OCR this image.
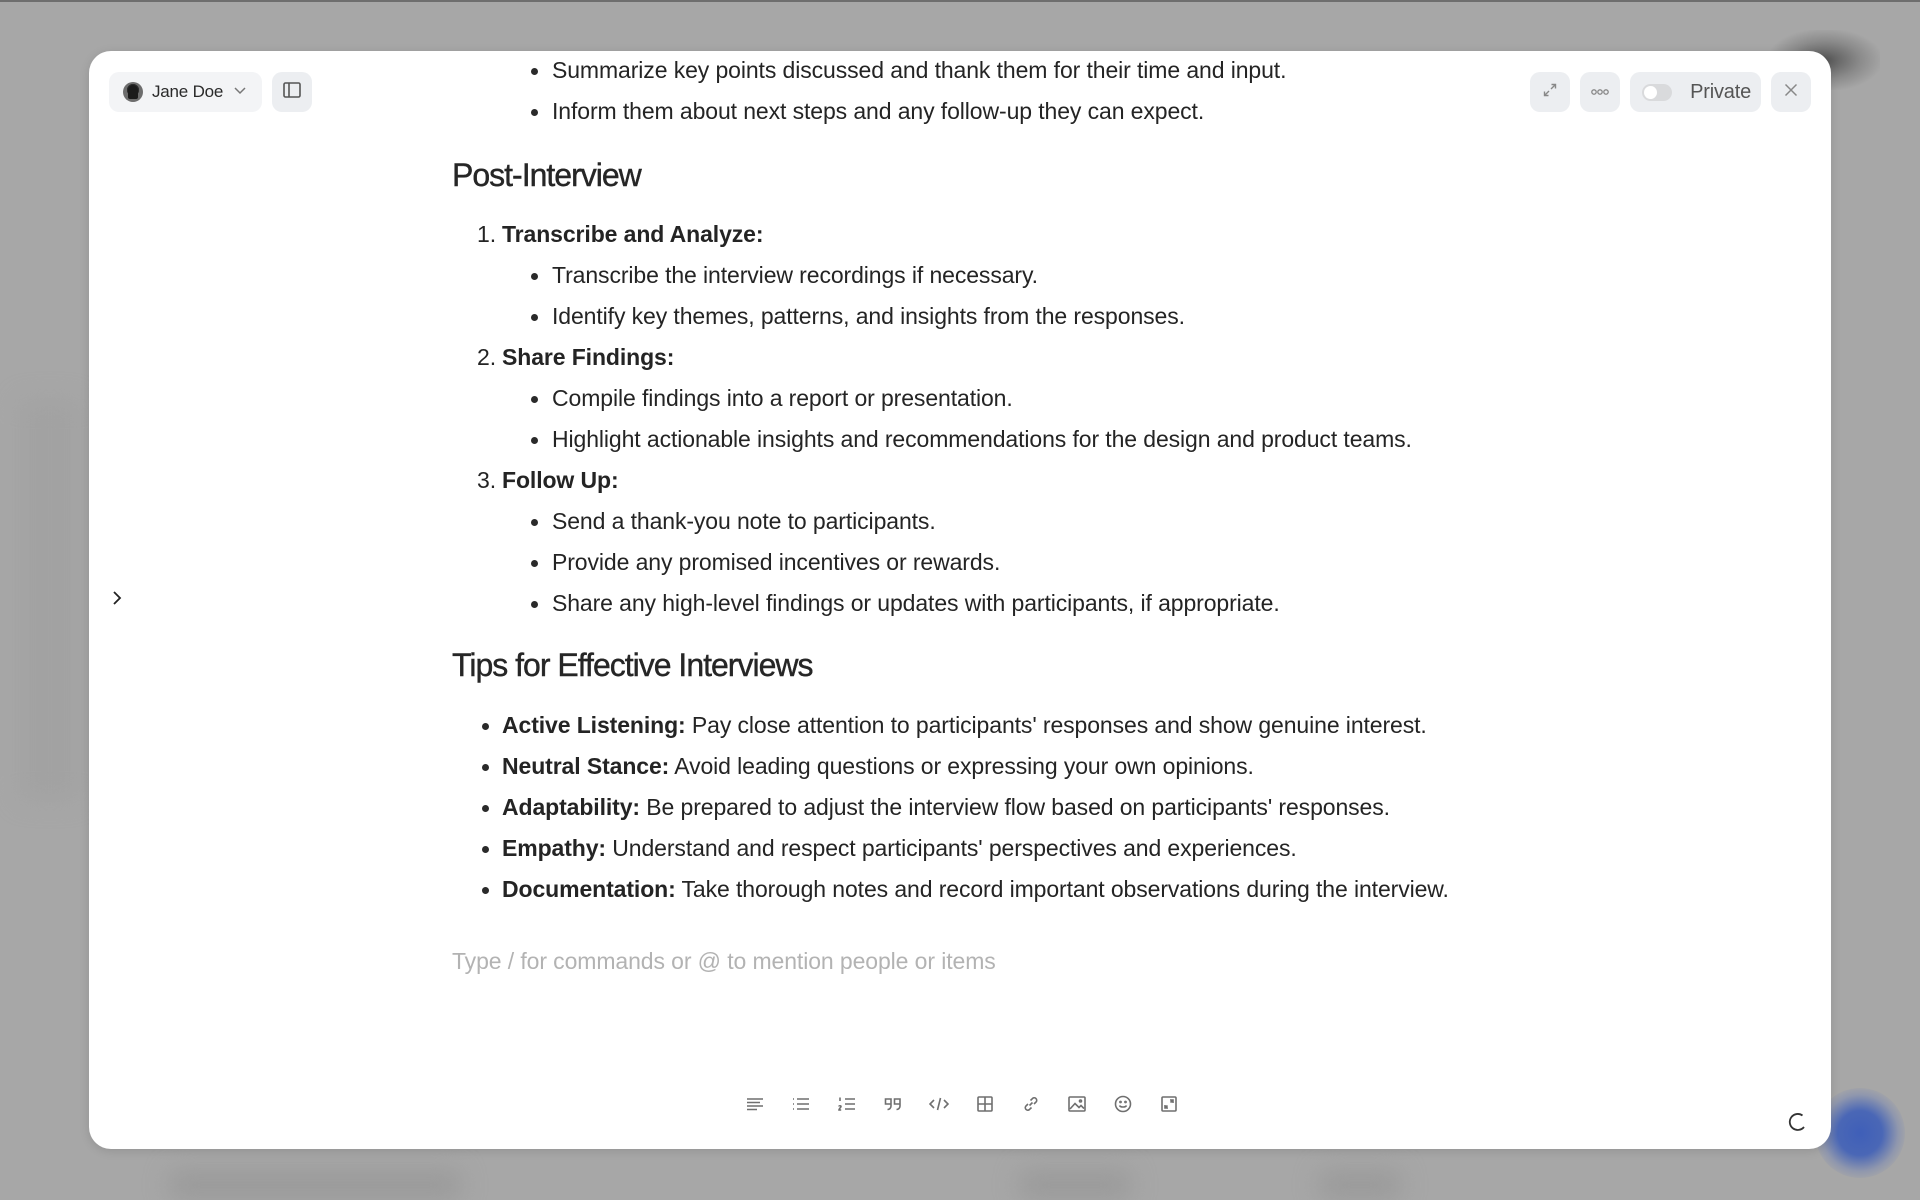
Jane Doe	Private
Summarize key points discussed and thank them for their time and input.
Inform them about next steps and any follow-up they can expect.
Post-Interview
1. Transcribe and Analyze:
Transcribe the interview recordings if necessary.
Identify key themes, patterns, and insights from the responses.
2. Share Findings:
Compile findings into a report or presentation.
Highlight actionable insights and recommendations for the design and product teams.
3. Follow Up:
Send a thank-you note to participants.
Provide any promised incentives or rewards.
Share any high-level findings or updates with participants, if appropriate.
Tips for Effective Interviews
Active Listening: Pay close attention to participants' responses and show genuine interest.
Neutral Stance: Avoid leading questions or expressing your own opinions.
Adaptability: Be prepared to adjust the interview flow based on participants' responses.
Empathy: Understand and respect participants' perspectives and experiences.
Documentation: Take thorough notes and record important observations during the interview.
Type / for commands or @ to mention people or items
